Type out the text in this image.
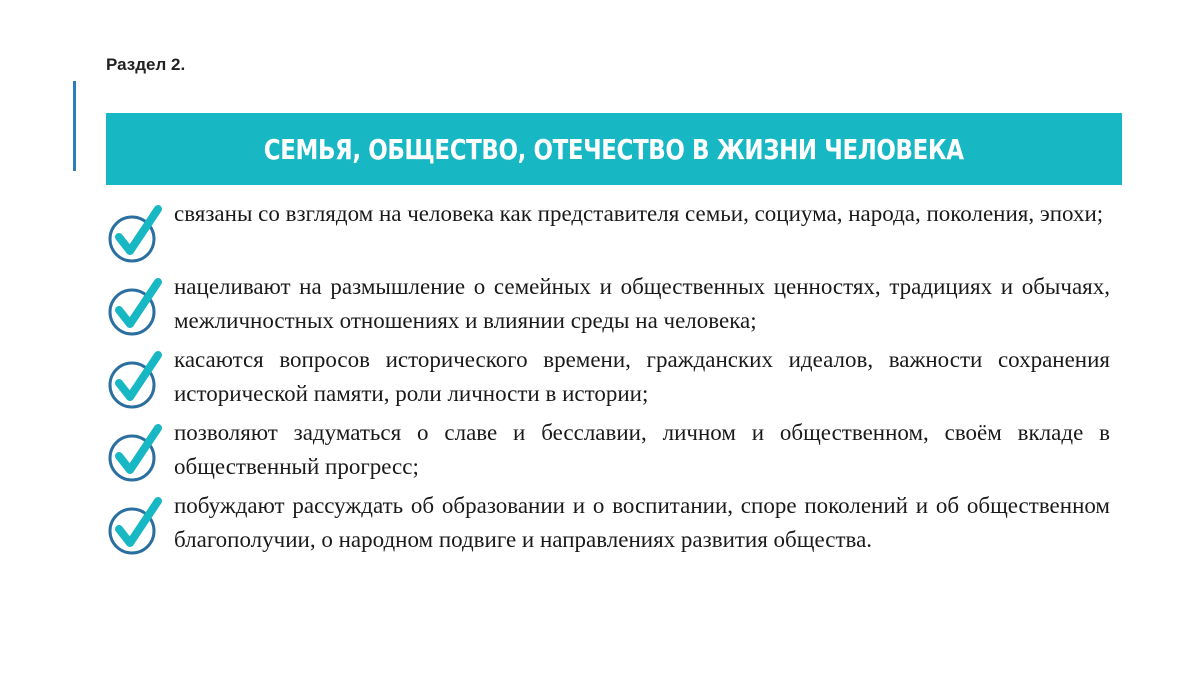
Раздел 2.

СЕМЬЯ, ОБЩЕСТВО, ОТЕЧЕСТВО В ЖИЗНИ ЧЕЛОВЕКА
связаны со взглядом на человека как представителя семьи, социума, народа, поколения, эпохи;
нацеливают на размышление о семейных и общественных ценностях, традициях и обычаях, межличностных отношениях и влиянии среды на человека;
касаются вопросов исторического времени, гражданских идеалов, важности сохранения исторической памяти, роли личности в истории;
позволяют задуматься о славе и бесславии, личном и общественном, своём вкладе в общественный прогресс;
побуждают рассуждать об образовании и о воспитании, споре поколений и об общественном благополучии, о народном подвиге и направлениях развития общества.
